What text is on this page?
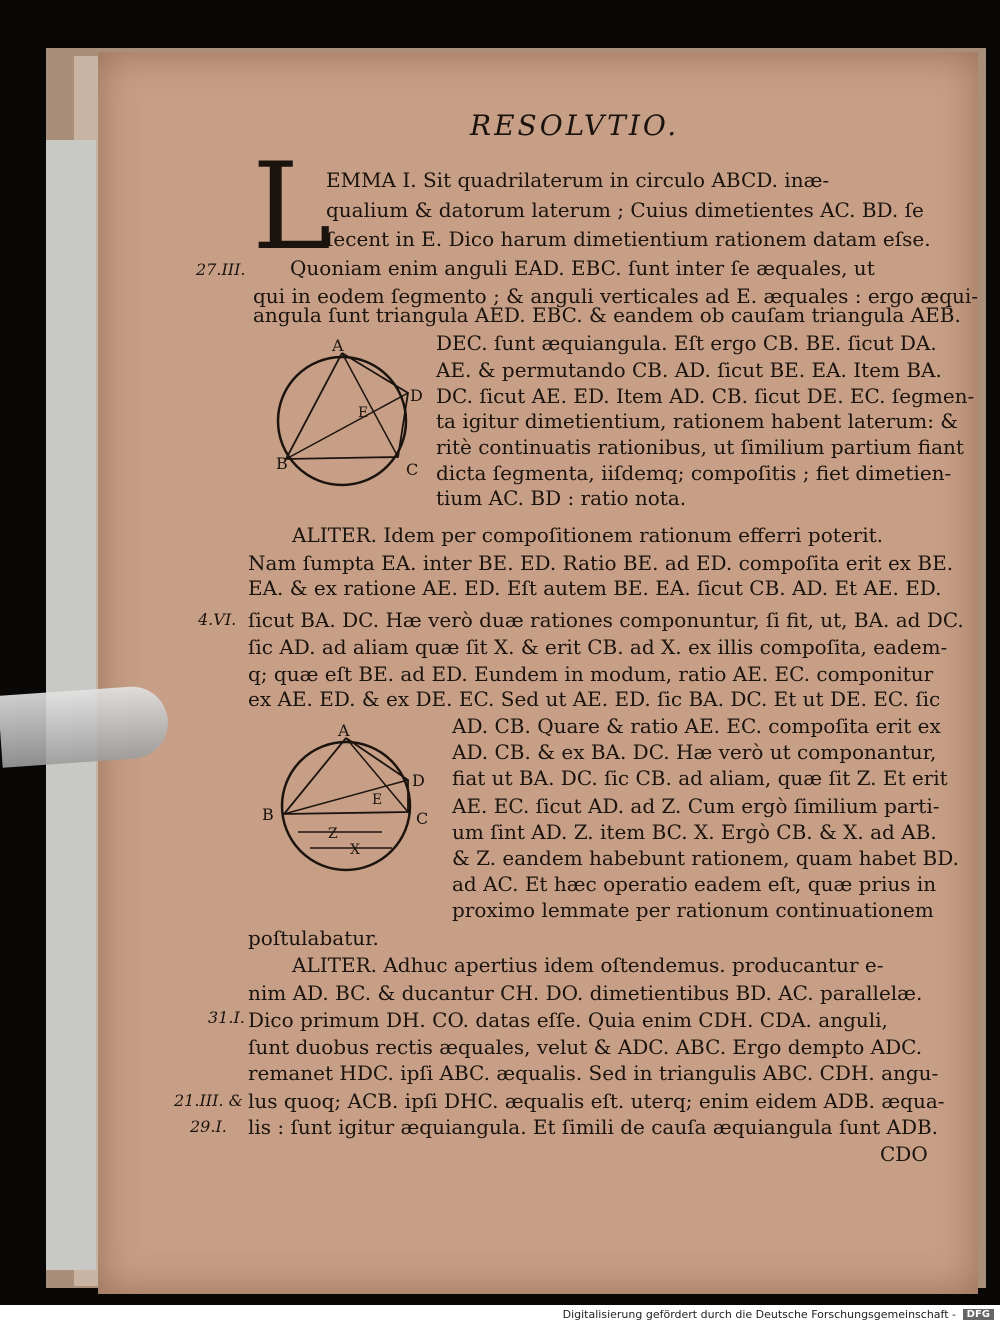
RESOLVTIO.
L
EMMA I. Sit quadrilaterum in circulo ABCD. inæ-
qualium & datorum laterum ; Cuius dimetientes AC. BD. ſe
ſecent in E. Dico harum dimetientium rationem datam eſse.
Quoniam enim anguli EAD. EBC. ſunt inter ſe æquales, ut
qui in eodem ſegmento ; & anguli verticales ad E. æquales : ergo æqui-
angula ſunt triangula AED. EBC. & eandem ob cauſam triangula AEB.
DEC. ſunt æquiangula. Eſt ergo CB. BE. ſicut DA.
AE. & permutando CB. AD. ſicut BE. EA. Item BA.
DC. ſicut AE. ED. Item AD. CB. ſicut DE. EC. ſegmen-
ta igitur dimetientium, rationem habent laterum: &
ritè continuatis rationibus, ut ſimilium partium fiant
dicta ſegmenta, iiſdemq; compoſitis ; fiet dimetien-
tium AC. BD : ratio nota.
A
D
B	C
E
ALITER. Idem per compoſitionem rationum efferri poterit.
Nam ſumpta EA. inter BE. ED. Ratio BE. ad ED. compoſita erit ex BE.
EA. & ex ratione AE. ED. Eſt autem BE. EA. ſicut CB. AD. Et AE. ED.
ſicut BA. DC. Hæ verò duæ rationes componuntur, ſi fit, ut, BA. ad DC.
ſic AD. ad aliam quæ ſit X. & erit CB. ad X. ex illis compoſita, eadem-
q; quæ eſt BE. ad ED. Eundem in modum, ratio AE. EC. componitur
ex AE. ED. & ex DE. EC. Sed ut AE. ED. ſic BA. DC. Et ut DE. EC. ſic
AD. CB. Quare & ratio AE. EC. compoſita erit ex
AD. CB. & ex BA. DC. Hæ verò ut componantur,
fiat ut BA. DC. ſic CB. ad aliam, quæ ſit Z. Et erit
AE. EC. ſicut AD. ad Z. Cum ergò ſimilium parti-
um ſint AD. Z. item BC. X. Ergò CB. & X. ad AB.
& Z. eandem habebunt rationem, quam habet BD.
ad AC. Et hæc operatio eadem eſt, quæ prius in
proximo lemmate per rationum continuationem
poſtulabatur.
A
D
B	C
E
Z
X
ALITER. Adhuc apertius idem oſtendemus. producantur e-
nim AD. BC. & ducantur CH. DO. dimetientibus BD. AC. parallelæ.
Dico primum DH. CO. datas eſſe. Quia enim CDH. CDA. anguli,
ſunt duobus rectis æquales, velut & ADC. ABC. Ergo dempto ADC.
remanet HDC. ipſi ABC. æqualis. Sed in triangulis ABC. CDH. angu-
lus quoq; ACB. ipſi DHC. æqualis eſt. uterq; enim eidem ADB. æqua-
lis : ſunt igitur æquiangula. Et ſimili de cauſa æquiangula ſunt ADB.
CDO
27.III.
4.VI.
31.I.
21.III. &
29.I.
Digitalisierung gefördert durch die Deutsche Forschungsgemeinschaft -	DFG
